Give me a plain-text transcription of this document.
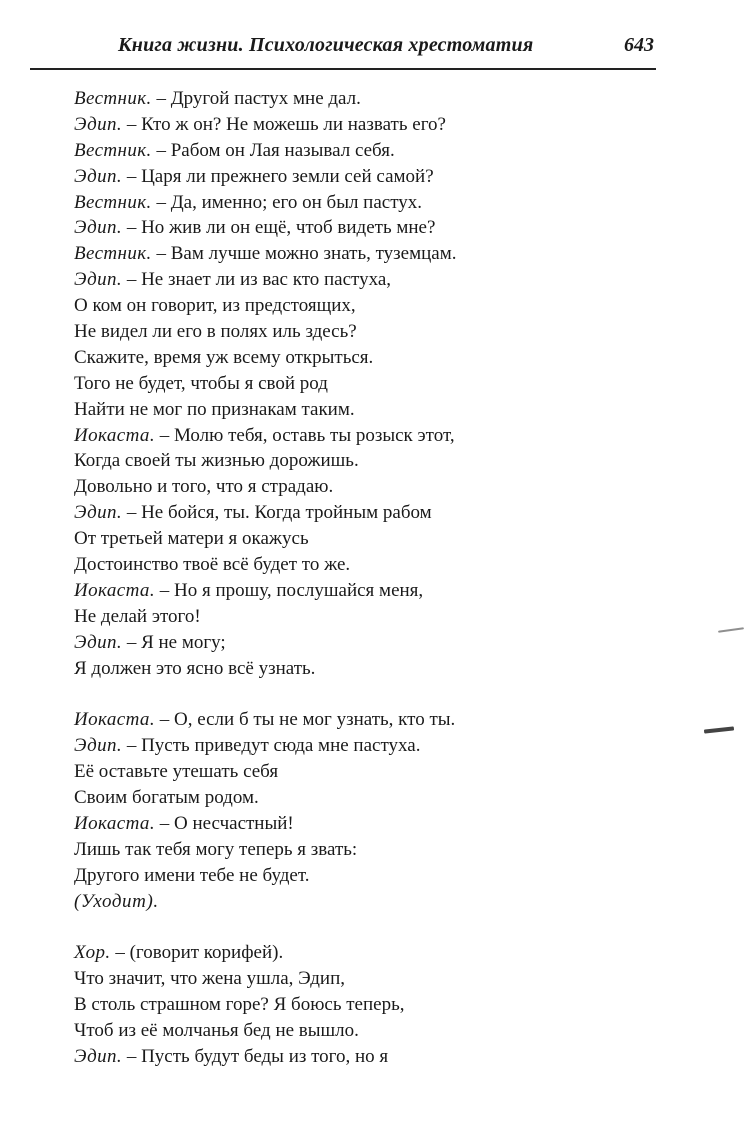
Книга жизни. Психологическая хрестоматия	643
Вестник. – Другой пастух мне дал.
Эдип. – Кто ж он? Не можешь ли назвать его?
Вестник. – Рабом он Лая называл себя.
Эдип. – Царя ли прежнего земли сей самой?
Вестник. – Да, именно; его он был пастух.
Эдип. – Но жив ли он ещё, чтоб видеть мне?
Вестник. – Вам лучше можно знать, туземцам.
Эдип. – Не знает ли из вас кто пастуха,
О ком он говорит, из предстоящих,
Не видел ли его в полях иль здесь?
Скажите, время уж всему открыться.
Того не будет, чтобы я свой род
Найти не мог по признакам таким.
Иокаста. – Молю тебя, оставь ты розыск этот,
Когда своей ты жизнью дорожишь.
Довольно и того, что я страдаю.
Эдип. – Не бойся, ты. Когда тройным рабом
От третьей матери я окажусь
Достоинство твоё всё будет то же.
Иокаста. – Но я прошу, послушайся меня,
Не делай этого!
Эдип. – Я не могу;
Я должен это ясно всё узнать.
Иокаста. – О, если б ты не мог узнать, кто ты.
Эдип. – Пусть приведут сюда мне пастуха.
Её оставьте утешать себя
Своим богатым родом.
Иокаста. – О несчастный!
Лишь так тебя могу теперь я звать:
Другого имени тебе не будет.
(Уходит).
Хор. – (говорит корифей).
Что значит, что жена ушла, Эдип,
В столь страшном горе? Я боюсь теперь,
Чтоб из её молчанья бед не вышло.
Эдип. – Пусть будут беды из того, но я
